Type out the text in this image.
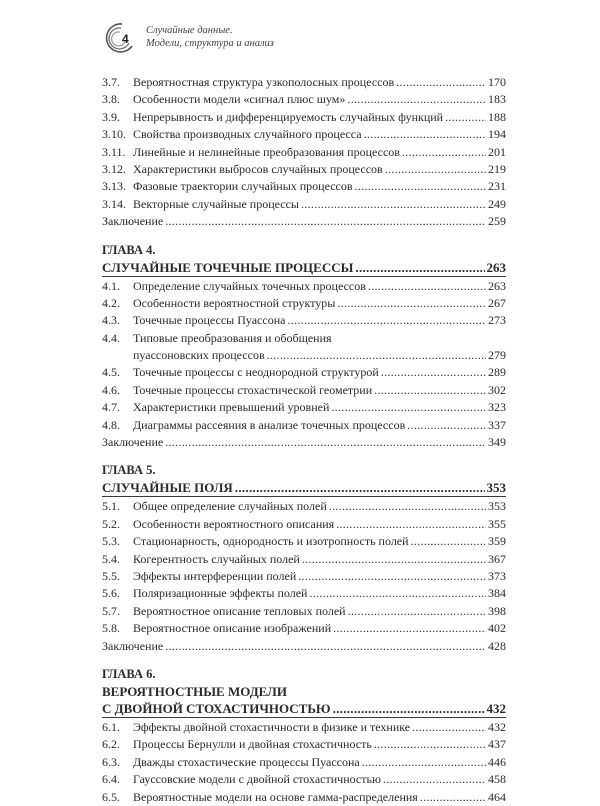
4
Случайные данные.
Модели, структура и анализ
3.7.	Вероятностная структура узкополосных процессов .....	170
3.8.	Особенности модели «сигнал плюс шум» .....	183
3.9.	Непрерывность и дифференцируемость случайных функций .....	188
3.10. Свойства производных случайного процесса .....	194
3.11. Линейные и нелинейные преобразования процессов .....	201
3.12. Характеристики выбросов случайных процессов .....	219
3.13. Фазовые траектории случайных процессов .....	231
3.14. Векторные случайные процессы .....	249
Заключение .....	259
ГЛАВА 4.
СЛУЧАЙНЫЕ ТОЧЕЧНЫЕ ПРОЦЕССЫ .....	263
4.1.	Определение случайных точечных процессов .....	263
4.2.	Особенности вероятностной структуры .....	267
4.3.	Точечные процессы Пуассона .....	273
4.4.	Типовые преобразования и обобщения
пуассоновских процессов .....	279
4.5.	Точечные процессы с неоднородной структурой .....	289
4.6.	Точечные процессы стохастической геометрии .....	302
4.7.	Характеристики превышений уровней .....	323
4.8.	Диаграммы рассеяния в анализе точечных процессов .....	337
Заключение .....	349
ГЛАВА 5.
СЛУЧАЙНЫЕ ПОЛЯ .....	353
5.1.	Общее определение случайных полей .....	353
5.2.	Особенности вероятностного описания .....	355
5.3.	Стационарность, однородность и изотропность полей .....	359
5.4.	Когерентность случайных полей .....	367
5.5.	Эффекты интерференции полей .....	373
5.6.	Поляризационные эффекты полей .....	384
5.7.	Вероятностное описание тепловых полей .....	398
5.8.	Вероятностное описание изображений .....	402
Заключение .....	428
ГЛАВА 6.
ВЕРОЯТНОСТНЫЕ МОДЕЛИ
С ДВОЙНОЙ СТОХАСТИЧНОСТЬЮ .....	432
6.1.	Эффекты двойной стохастичности в физике и технике .....	432
6.2.	Процессы Бернулли и двойная стохастичность .....	437
6.3.	Дважды стохастические процессы Пуассона .....	446
6.4.	Гауссовские модели с двойной стохастичностью .....	458
6.5.	Вероятностные модели на основе гамма-распределения .....	464
